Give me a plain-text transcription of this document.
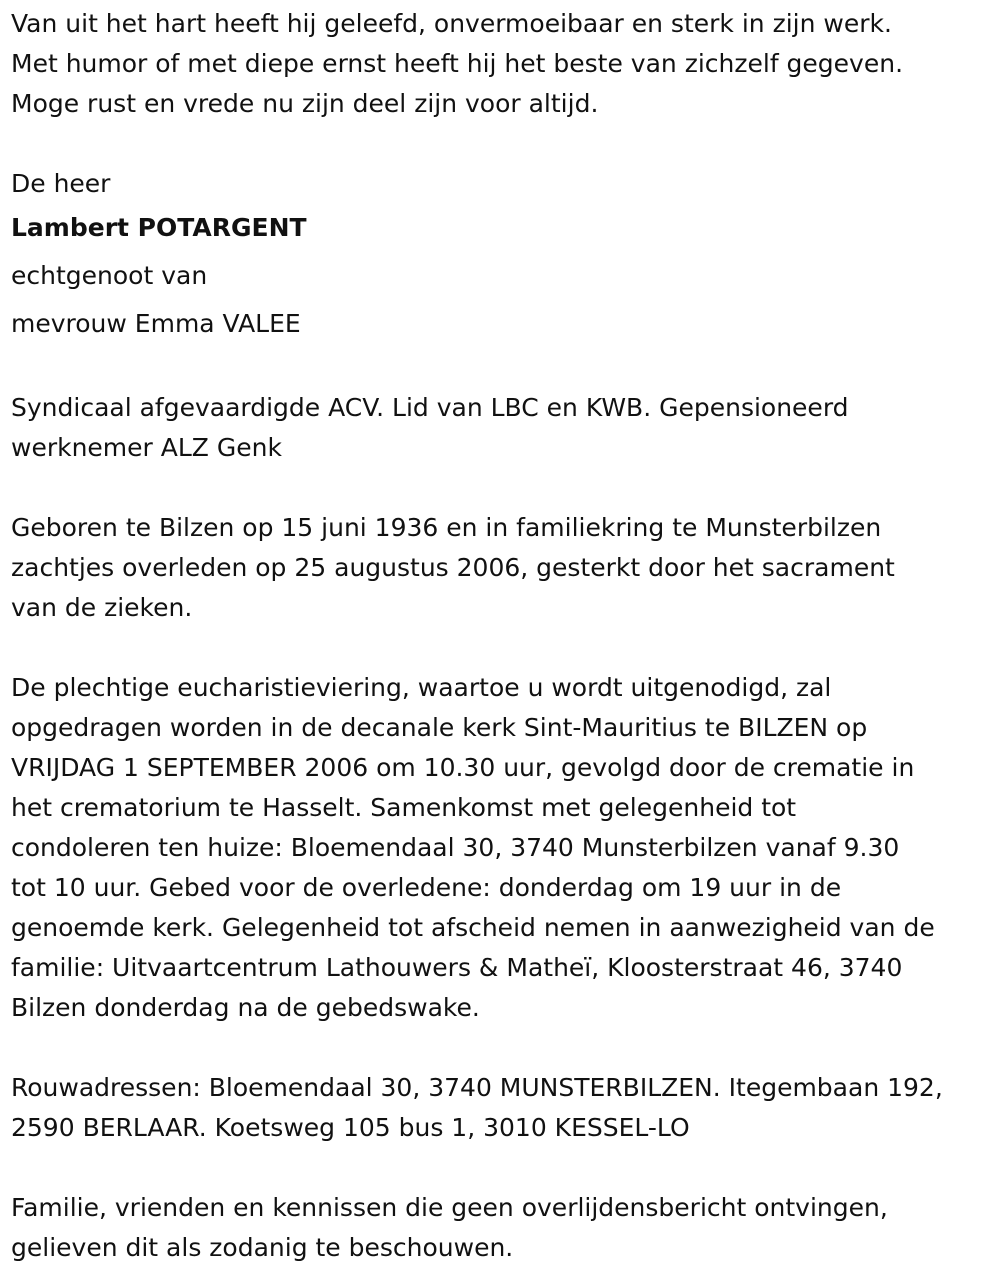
Van uit het hart heeft hij geleefd, onvermoeibaar en sterk in zijn werk.
Met humor of met diepe ernst heeft hij het beste van zichzelf gegeven.
Moge rust en vrede nu zijn deel zijn voor altijd.

De heer
Lambert POTARGENT
echtgenoot van
mevrouw Emma VALEE

Syndicaal afgevaardigde ACV. Lid van LBC en KWB. Gepensioneerd
werknemer ALZ Genk

Geboren te Bilzen op 15 juni 1936 en in familiekring te Munsterbilzen
zachtjes overleden op 25 augustus 2006, gesterkt door het sacrament
van de zieken.

De plechtige eucharistieviering, waartoe u wordt uitgenodigd, zal
opgedragen worden in de decanale kerk Sint-Mauritius te BILZEN op
VRIJDAG 1 SEPTEMBER 2006 om 10.30 uur, gevolgd door de crematie in
het crematorium te Hasselt. Samenkomst met gelegenheid tot
condoleren ten huize: Bloemendaal 30, 3740 Munsterbilzen vanaf 9.30
tot 10 uur. Gebed voor de overledene: donderdag om 19 uur in de
genoemde kerk. Gelegenheid tot afscheid nemen in aanwezigheid van de
familie: Uitvaartcentrum Lathouwers & Matheï, Kloosterstraat 46, 3740
Bilzen donderdag na de gebedswake.

Rouwadressen: Bloemendaal 30, 3740 MUNSTERBILZEN. Itegembaan 192,
2590 BERLAAR. Koetsweg 105 bus 1, 3010 KESSEL-LO

Familie, vrienden en kennissen die geen overlijdensbericht ontvingen,
gelieven dit als zodanig te beschouwen.
